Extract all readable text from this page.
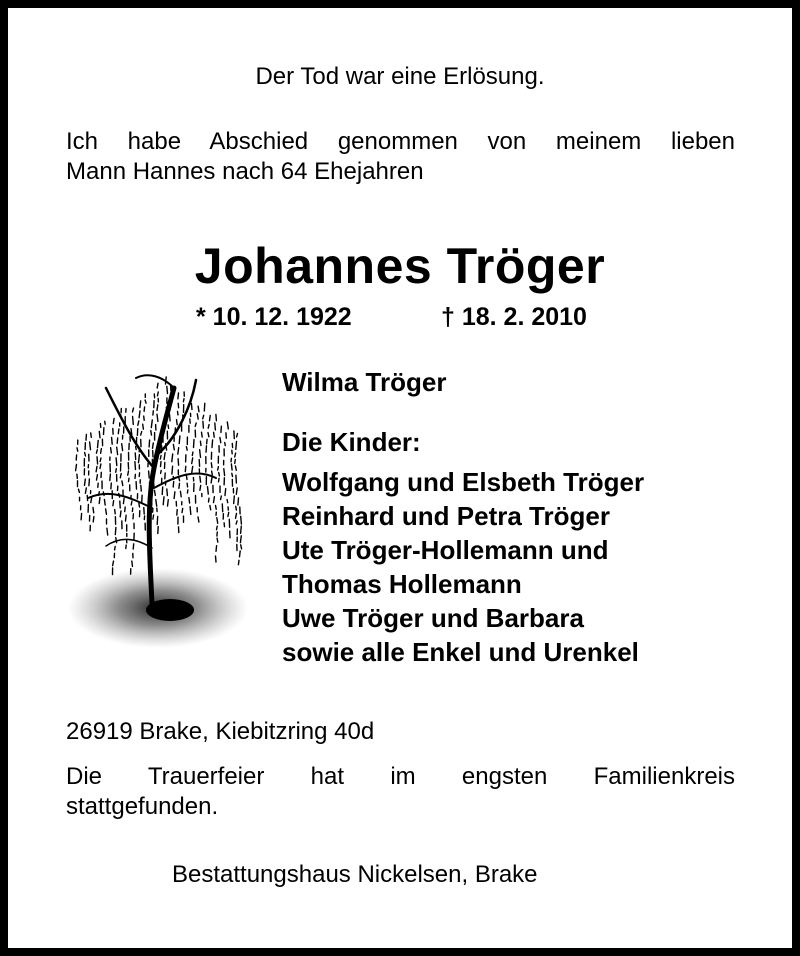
Der Tod war eine Erlösung.
Ich habe Abschied genommen von meinem lieben
Mann Hannes nach 64 Ehejahren
Johannes Tröger
* 10. 12. 1922	† 18. 2. 2010
Wilma Tröger
Die Kinder:
Wolfgang und Elsbeth Tröger
Reinhard und Petra Tröger
Ute Tröger-Hollemann und
Thomas Hollemann
Uwe Tröger und Barbara
sowie alle Enkel und Urenkel
26919 Brake, Kiebitzring 40d
Die Trauerfeier hat im engsten Familienkreis
stattgefunden.
Bestattungshaus Nickelsen, Brake
